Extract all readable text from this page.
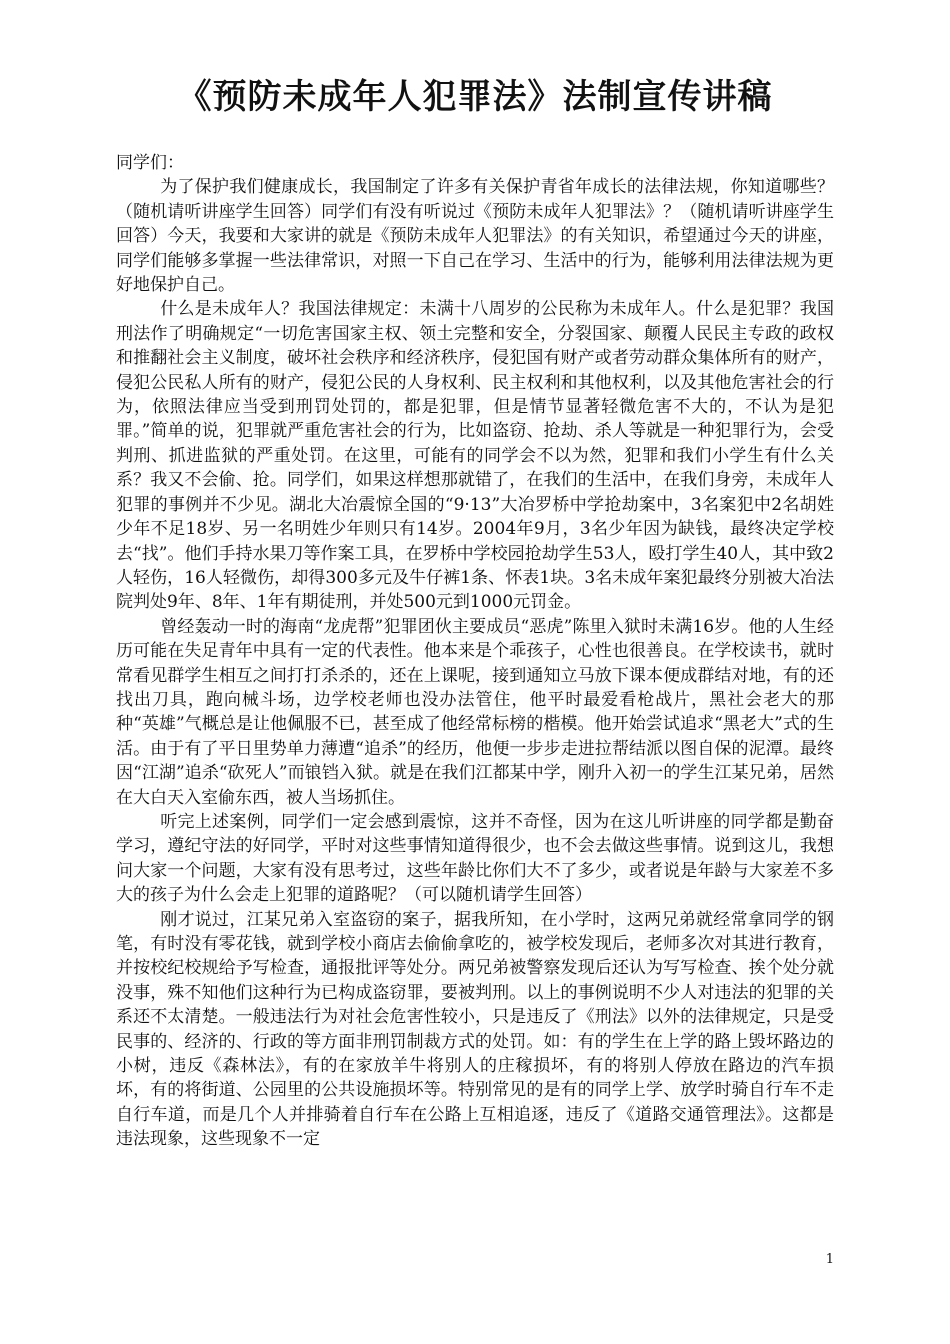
《预防未成年人犯罪法》法制宣传讲稿

同学们：

为了保护我们健康成长，我国制定了许多有关保护青省年成长的法律法规，你知道哪些？（随机请听讲座学生回答）同学们有没有听说过《预防未成年人犯罪法》？（随机请听讲座学生回答）今天，我要和大家讲的就是《预防未成年人犯罪法》的有关知识，希望通过今天的讲座，同学们能够多掌握一些法律常识，对照一下自己在学习、生活中的行为，能够利用法律法规为更好地保护自己。

什么是未成年人？我国法律规定：未满十八周岁的公民称为未成年人。什么是犯罪？我国刑法作了明确规定“一切危害国家主权、领土完整和安全，分裂国家、颠覆人民民主专政的政权和推翻社会主义制度，破坏社会秩序和经济秩序，侵犯国有财产或者劳动群众集体所有的财产，侵犯公民私人所有的财产，侵犯公民的人身权利、民主权利和其他权利，以及其他危害社会的行为，依照法律应当受到刑罚处罚的，都是犯罪，但是情节显著轻微危害不大的，不认为是犯罪。”简单的说，犯罪就严重危害社会的行为，比如盗窃、抢劫、杀人等就是一种犯罪行为，会受判刑、抓进监狱的严重处罚。在这里，可能有的同学会不以为然，犯罪和我们小学生有什么关系？我又不会偷、抢。同学们，如果这样想那就错了，在我们的生活中，在我们身旁，未成年人犯罪的事例并不少见。湖北大冶震惊全国的“9·13”大冶罗桥中学抢劫案中，3名案犯中2名胡姓少年不足18岁、另一名明姓少年则只有14岁。2004年9月，3名少年因为缺钱，最终决定学校去“找”。他们手持水果刀等作案工具，在罗桥中学校园抢劫学生53人，殴打学生40人，其中致2人轻伤，16人轻微伤，却得300多元及牛仔裤1条、怀表1块。3名未成年案犯最终分别被大冶法院判处9年、8年、1年有期徒刑，并处500元到1000元罚金。

曾经轰动一时的海南“龙虎帮”犯罪团伙主要成员“恶虎”陈里入狱时未满16岁。他的人生经历可能在失足青年中具有一定的代表性。他本来是个乖孩子，心性也很善良。在学校读书，就时常看见群学生相互之间打打杀杀的，还在上课呢，接到通知立马放下课本便成群结对地，有的还找出刀具，跑向械斗场，边学校老师也没办法管住，他平时最爱看枪战片，黑社会老大的那种“英雄”气概总是让他佩服不已，甚至成了他经常标榜的楷模。他开始尝试追求“黑老大”式的生活。由于有了平日里势单力薄遭“追杀”的经历，他便一步步走进拉帮结派以图自保的泥潭。最终因“江湖”追杀“砍死人”而锒铛入狱。就是在我们江都某中学，刚升入初一的学生江某兄弟，居然在大白天入室偷东西，被人当场抓住。

听完上述案例，同学们一定会感到震惊，这并不奇怪，因为在这儿听讲座的同学都是勤奋学习，遵纪守法的好同学，平时对这些事情知道得很少，也不会去做这些事情。说到这儿，我想问大家一个问题，大家有没有思考过，这些年龄比你们大不了多少，或者说是年龄与大家差不多大的孩子为什么会走上犯罪的道路呢？（可以随机请学生回答）

刚才说过，江某兄弟入室盗窃的案子，据我所知，在小学时，这两兄弟就经常拿同学的钢笔，有时没有零花钱，就到学校小商店去偷偷拿吃的，被学校发现后，老师多次对其进行教育，并按校纪校规给予写检查，通报批评等处分。两兄弟被警察发现后还认为写写检查、挨个处分就没事，殊不知他们这种行为已构成盗窃罪，要被判刑。以上的事例说明不少人对违法的犯罪的关系还不太清楚。一般违法行为对社会危害性较小，只是违反了《刑法》以外的法律规定，只是受民事的、经济的、行政的等方面非刑罚制裁方式的处罚。如：有的学生在上学的路上毁坏路边的小树，违反《森林法》，有的在家放羊牛将别人的庄稼损坏，有的将别人停放在路边的汽车损坏，有的将街道、公园里的公共设施损坏等。特别常见的是有的同学上学、放学时骑自行车不走自行车道，而是几个人并排骑着自行车在公路上互相追逐，违反了《道路交通管理法》。这都是违法现象，这些现象不一定

1
